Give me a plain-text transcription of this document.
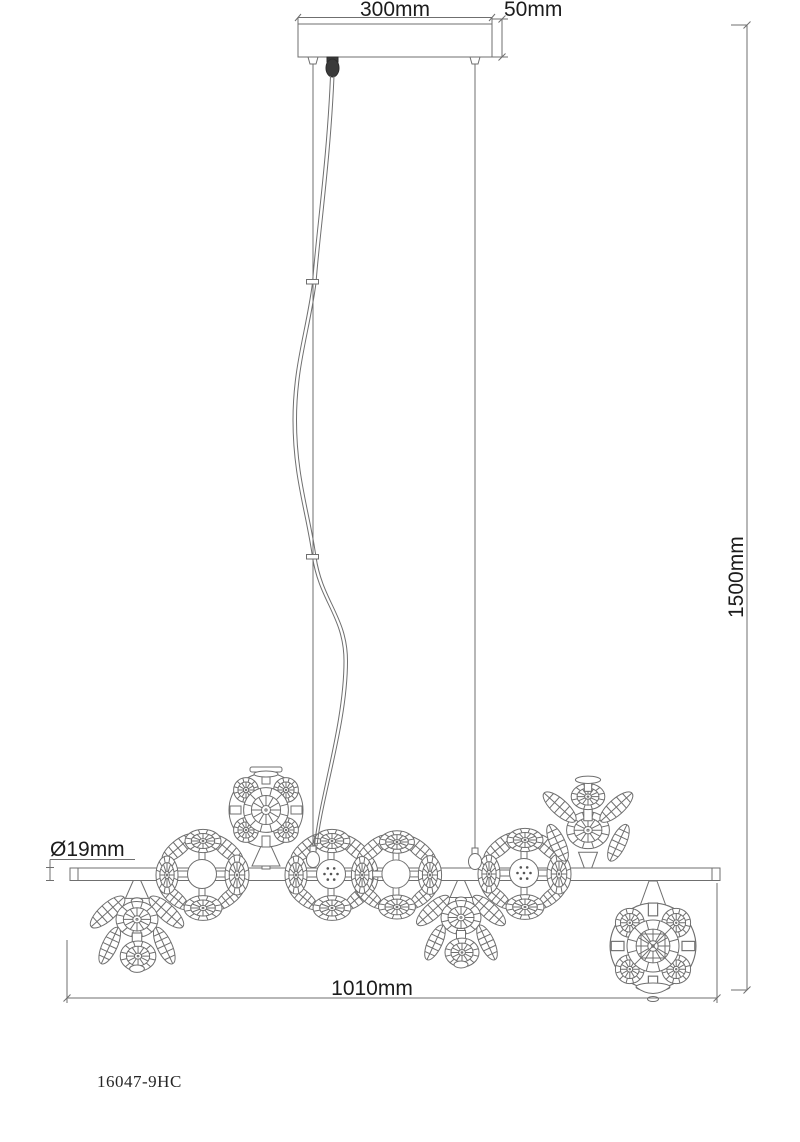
300mm	50mm
1500mm
Ø19mm
1010mm
16047-9HC
